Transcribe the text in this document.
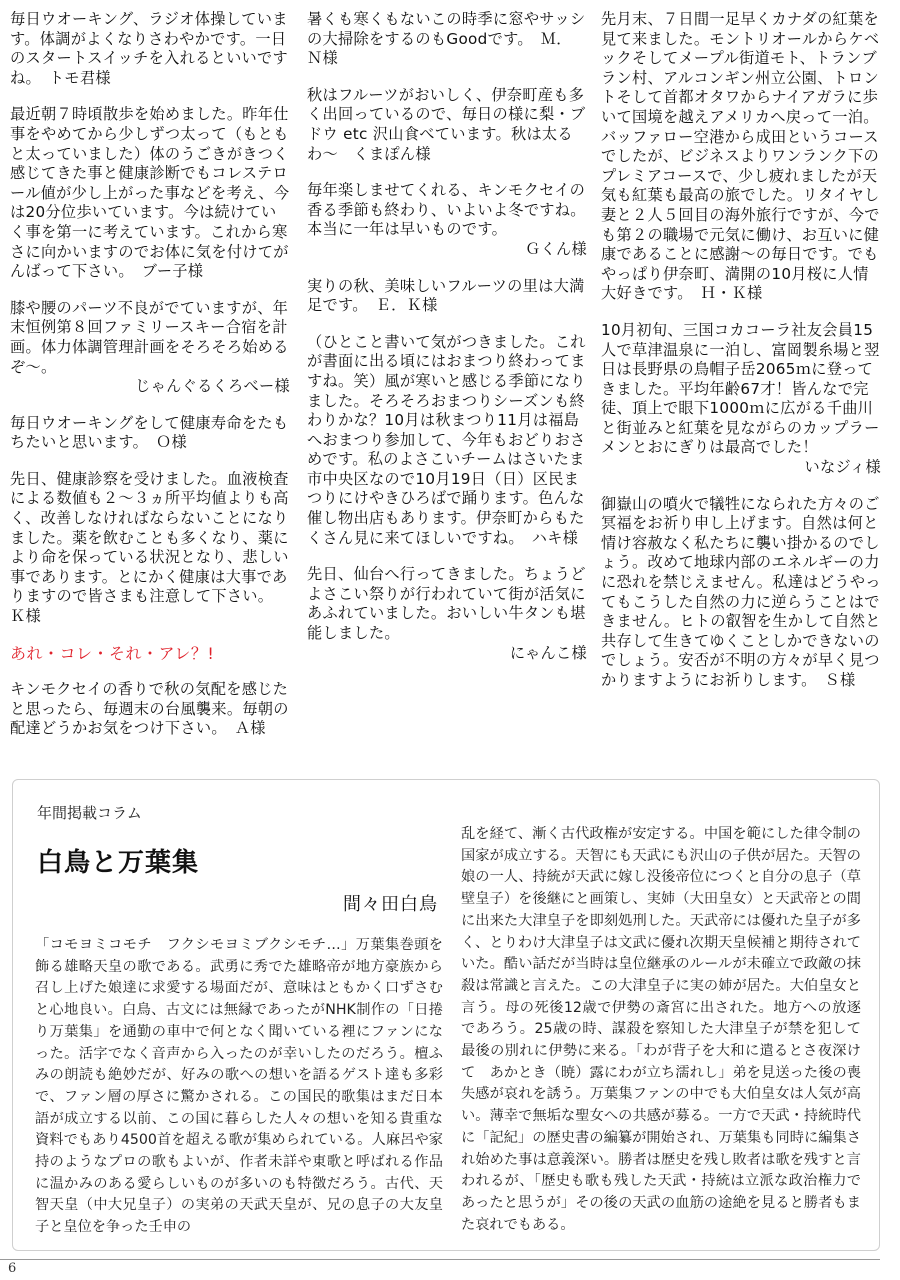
毎日ウオーキング、ラジオ体操しています。体調がよくなりさわやかです。一日のスタートスイッチを入れるといいですね。　トモ君様

最近朝７時頃散歩を始めました。昨年仕事をやめてから少しずつ太って（もともと太っていました）体のうごきがきつく感じてきた事と健康診断でもコレステロール値が少し上がった事などを考え、今は20分位歩いています。今は続けていく事を第一に考えています。これから寒さに向かいますのでお体に気を付けてがんばって下さい。　ブー子様

膝や腰のパーツ不良がでていますが、年末恒例第８回ファミリースキー合宿を計画。体力体調管理計画をそろそろ始めるぞ〜。

じゃんぐるくろべー様

毎日ウオーキングをして健康寿命をたもちたいと思います。　Ｏ様

先日、健康診察を受けました。血液検査による数値も２〜３ヵ所平均値よりも高く、改善しなければならないことになりました。薬を飲むことも多くなり、薬により命を保っている状況となり、悲しい事であります。とにかく健康は大事でありますので皆さまも注意して下さい。　Ｋ様

あれ・コレ・それ・アレ？!

キンモクセイの香りで秋の気配を感じたと思ったら、毎週末の台風襲来。毎朝の配達どうかお気をつけ下さい。　Ａ様

暑くも寒くもないこの時季に窓やサッシの大掃除をするのもGoodです。　Ｍ．Ｎ様

秋はフルーツがおいしく、伊奈町産も多く出回っているので、毎日の様に梨・ブドウ etc 沢山食べています。秋は太るわ〜　くまぽん様

毎年楽しませてくれる、キンモクセイの香る季節も終わり、いよいよ冬ですね。本当に一年は早いものです。
Ｇくん様

実りの秋、美味しいフルーツの里は大満足です。　Ｅ．Ｋ様

（ひとこと書いて気がつきました。これが書面に出る頃にはおまつり終わってますね。笑）風が寒いと感じる季節になりました。そろそろおまつりシーズンも終わりかな？10月は秋まつり11月は福島へおまつり参加して、今年もおどりおさめです。私のよさこいチームはさいたま市中央区なので10月19日（日）区民まつりにけやきひろばで踊ります。色んな催し物出店もあります。伊奈町からもたくさん見に来てほしいですね。　ハキ様

先日、仙台へ行ってきました。ちょうどよさこい祭りが行われていて街が活気にあふれていました。おいしい牛タンも堪能しました。
にゃんこ様

先月末、７日間一足早くカナダの紅葉を見て来ました。モントリオールからケベックそしてメープル街道モト、トランブラン村、アルコンギン州立公園、トロントそして首都オタワからナイアガラに歩いて国境を越えアメリカへ戻って一泊。バッファロー空港から成田というコースでしたが、ビジネスよりワンランク下のプレミアコースで、少し疲れましたが天気も紅葉も最高の旅でした。リタイヤし妻と２人５回目の海外旅行ですが、今でも第２の職場で元気に働け、お互いに健康であることに感謝〜の毎日です。でもやっぱり伊奈町、満開の10月桜に人情大好きです。　Ｈ・Ｋ様

10月初旬、三国コカコーラ社友会員15人で草津温泉に一泊し、富岡製糸場と翌日は長野県の鳥帽子岳2065ｍに登ってきました。平均年齢67才！皆んなで完徒、頂上で眼下1000ｍに広がる千曲川と街並みと紅葉を見ながらのカップラーメンとおにぎりは最高でした！
いなジィ様

御嶽山の噴火で犠牲になられた方々のご冥福をお祈り申し上げます。自然は何と情け容赦なく私たちに襲い掛かるのでしょう。改めて地球内部のエネルギーの力に恐れを禁じえません。私達はどうやってもこうした自然の力に逆らうことはできません。ヒトの叡智を生かして自然と共存して生きてゆくことしかできないのでしょう。安否が不明の方々が早く見つかりますようにお祈りします。　Ｓ様

年間掲載コラム
白鳥と万葉集
間々田白鳥
「コモヨミコモチ　フクシモヨミブクシモチ…」万葉集巻頭を飾る雄略天皇の歌である。武勇に秀でた雄略帝が地方豪族から召し上げた娘達に求愛する場面だが、意味はともかく口ずさむと心地良い。白鳥、古文には無縁であったがNHK制作の「日捲り万葉集」を通勤の車中で何となく聞いている裡にファンになった。活字でなく音声から入ったのが幸いしたのだろう。檀ふみの朗読も絶妙だが、好みの歌への想いを語るゲスト達も多彩で、ファン層の厚さに驚かされる。この国民的歌集はまだ日本語が成立する以前、この国に暮らした人々の想いを知る貴重な資料でもあり4500首を超える歌が集められている。人麻呂や家持のようなプロの歌もよいが、作者未詳や東歌と呼ばれる作品に温かみのある愛らしいものが多いのも特徴だろう。古代、天智天皇（中大兄皇子）の実弟の天武天皇が、兄の息子の大友皇子と皇位を争った壬申の
乱を経て、漸く古代政権が安定する。中国を範にした律令制の国家が成立する。天智にも天武にも沢山の子供が居た。天智の娘の一人、持統が天武に嫁し没後帝位につくと自分の息子（草壁皇子）を後継にと画策し、実姉（大田皇女）と天武帝との間に出来た大津皇子を即刻処刑した。天武帝には優れた皇子が多く、とりわけ大津皇子は文武に優れ次期天皇候補と期待されていた。酷い話だが当時は皇位継承のルールが未確立で政敵の抹殺は常識と言えた。この大津皇子に実の姉が居た。大伯皇女と言う。母の死後12歳で伊勢の斎宮に出された。地方への放逐であろう。25歳の時、謀殺を察知した大津皇子が禁を犯して最後の別れに伊勢に来る。「わが背子を大和に遣るとさ夜深けて　あかとき（暁）露にわが立ち濡れし」弟を見送った後の喪失感が哀れを誘う。万葉集ファンの中でも大伯皇女は人気が高い。薄幸で無垢な聖女への共感が募る。一方で天武・持統時代に「記紀」の歴史書の編纂が開始され、万葉集も同時に編集され始めた事は意義深い。勝者は歴史を残し敗者は歌を残すと言われるが、「歴史も歌も残した天武・持統は立派な政治権力であったと思うが」その後の天武の血筋の途絶を見ると勝者もまた哀れでもある。
6
